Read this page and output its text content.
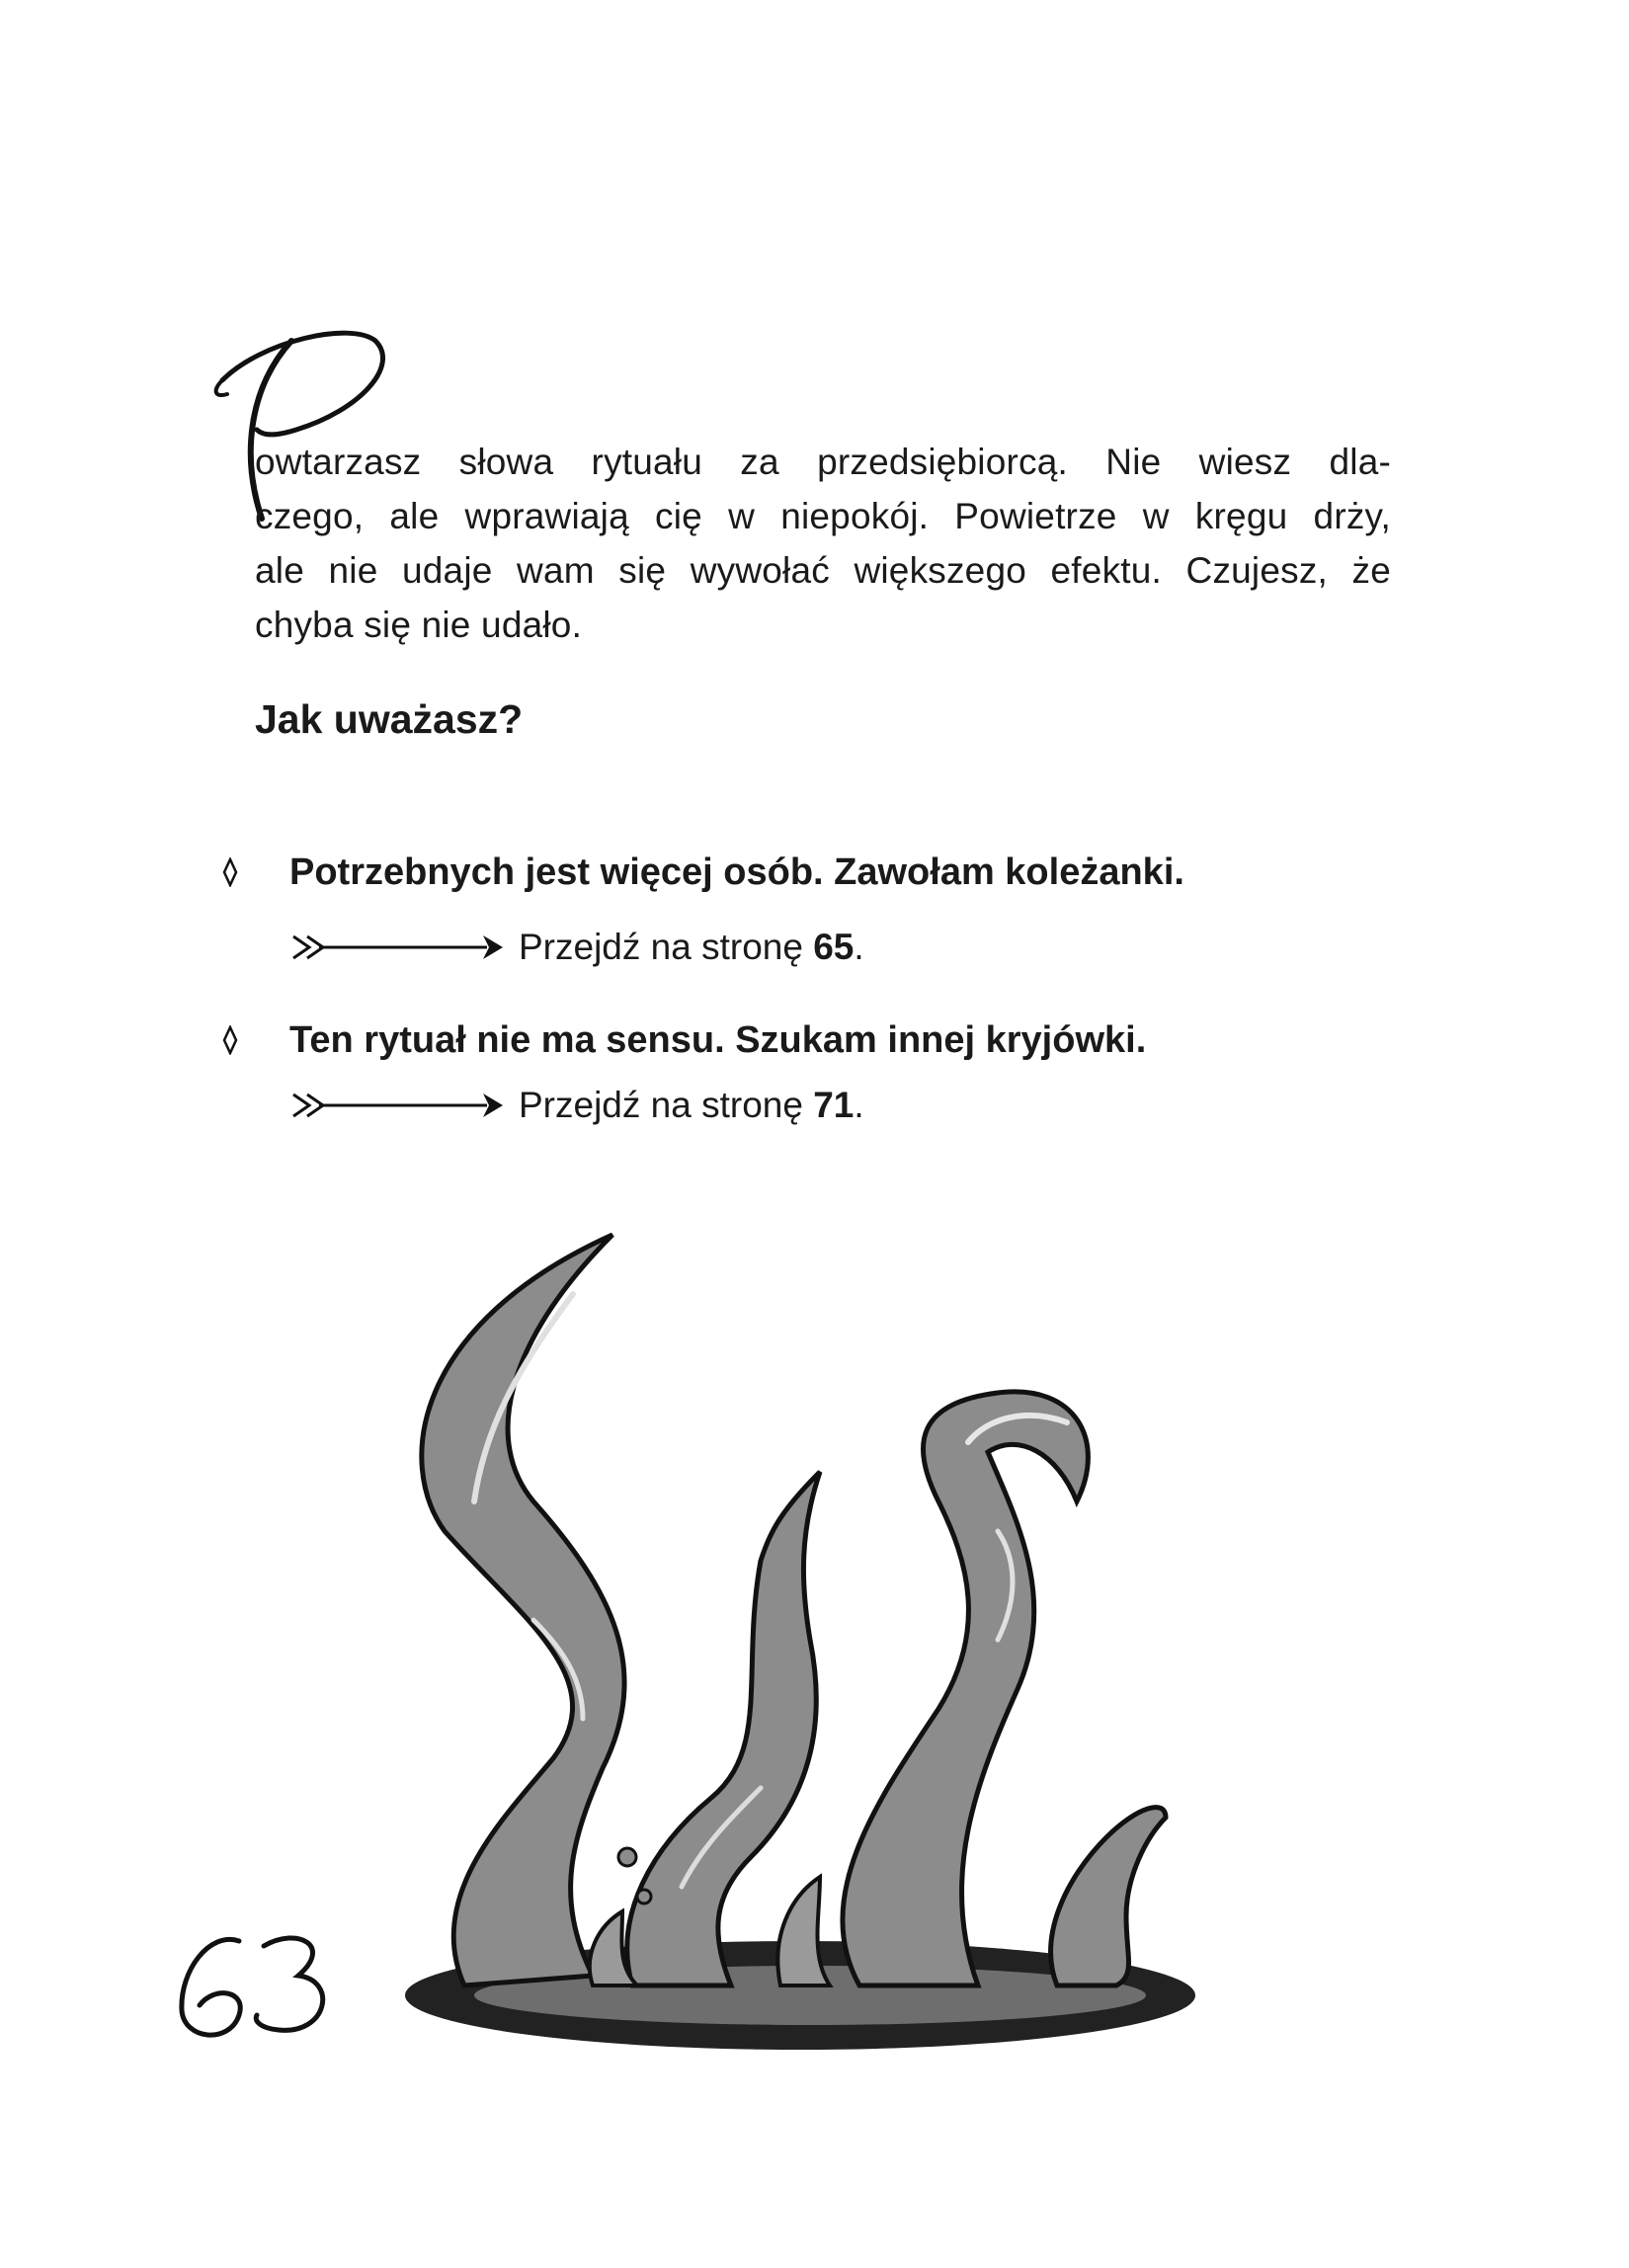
owtarzasz słowa rytuału za przedsiębiorcą. Nie wiesz dla-
czego, ale wprawiają cię w niepokój. Powietrze w kręgu drży,
ale nie udaje wam się wywołać większego efektu. Czujesz, że
chyba się nie udało.

Jak uważasz?
Potrzebnych jest więcej osób. Zawołam koleżanki.
Przejdź na stronę 65.
Ten rytuał nie ma sensu. Szukam innej kryjówki.
Przejdź na stronę 71.
